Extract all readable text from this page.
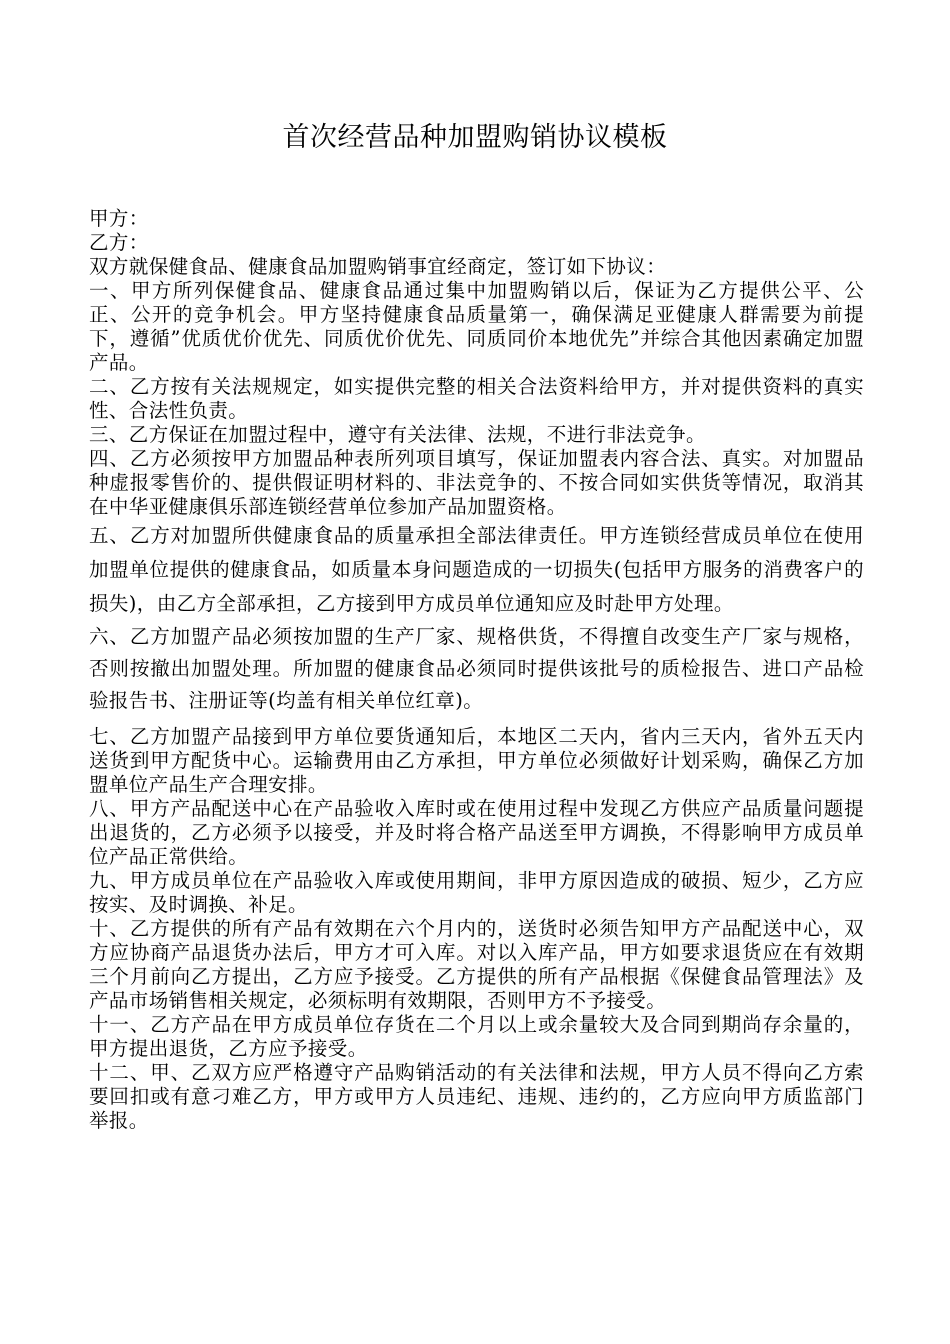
首次经营品种加盟购销协议模板

甲方：

乙方：

双方就保健食品、健康食品加盟购销事宜经商定，签订如下协议：

一、甲方所列保健食品、健康食品通过集中加盟购销以后，保证为乙方提供公平、公正、公开的竞争机会。甲方坚持健康食品质量第一，确保满足亚健康人群需要为前提下，遵循”优质优价优先、同质优价优先、同质同价本地优先”并综合其他因素确定加盟产品。

二、乙方按有关法规规定，如实提供完整的相关合法资料给甲方，并对提供资料的真实性、合法性负责。

三、乙方保证在加盟过程中，遵守有关法律、法规，不进行非法竞争。

四、乙方必须按甲方加盟品种表所列项目填写，保证加盟表内容合法、真实。对加盟品种虚报零售价的、提供假证明材料的、非法竞争的、不按合同如实供货等情况，取消其在中华亚健康俱乐部连锁经营单位参加产品加盟资格。

五、乙方对加盟所供健康食品的质量承担全部法律责任。甲方连锁经营成员单位在使用加盟单位提供的健康食品，如质量本身问题造成的一切损失(包括甲方服务的消费客户的损失)，由乙方全部承担，乙方接到甲方成员单位通知应及时赴甲方处理。

六、乙方加盟产品必须按加盟的生产厂家、规格供货，不得擅自改变生产厂家与规格，否则按撤出加盟处理。所加盟的健康食品必须同时提供该批号的质检报告、进口产品检验报告书、注册证等(均盖有相关单位红章)。

七、乙方加盟产品接到甲方单位要货通知后，本地区二天内，省内三天内，省外五天内送货到甲方配货中心。运输费用由乙方承担，甲方单位必须做好计划采购，确保乙方加盟单位产品生产合理安排。

八、甲方产品配送中心在产品验收入库时或在使用过程中发现乙方供应产品质量问题提出退货的，乙方必须予以接受，并及时将合格产品送至甲方调换，不得影响甲方成员单位产品正常供给。

九、甲方成员单位在产品验收入库或使用期间，非甲方原因造成的破损、短少，乙方应按实、及时调换、补足。

十、乙方提供的所有产品有效期在六个月内的，送货时必须告知甲方产品配送中心，双方应协商产品退货办法后，甲方才可入库。对以入库产品，甲方如要求退货应在有效期三个月前向乙方提出，乙方应予接受。乙方提供的所有产品根据《保健食品管理法》及产品市场销售相关规定，必须标明有效期限，否则甲方不予接受。

十一、乙方产品在甲方成员单位存货在二个月以上或余量较大及合同到期尚存余量的，甲方提出退货，乙方应予接受。

十二、甲、乙双方应严格遵守产品购销活动的有关法律和法规，甲方人员不得向乙方索要回扣或有意刁难乙方，甲方或甲方人员违纪、违规、违约的，乙方应向甲方质监部门举报。
